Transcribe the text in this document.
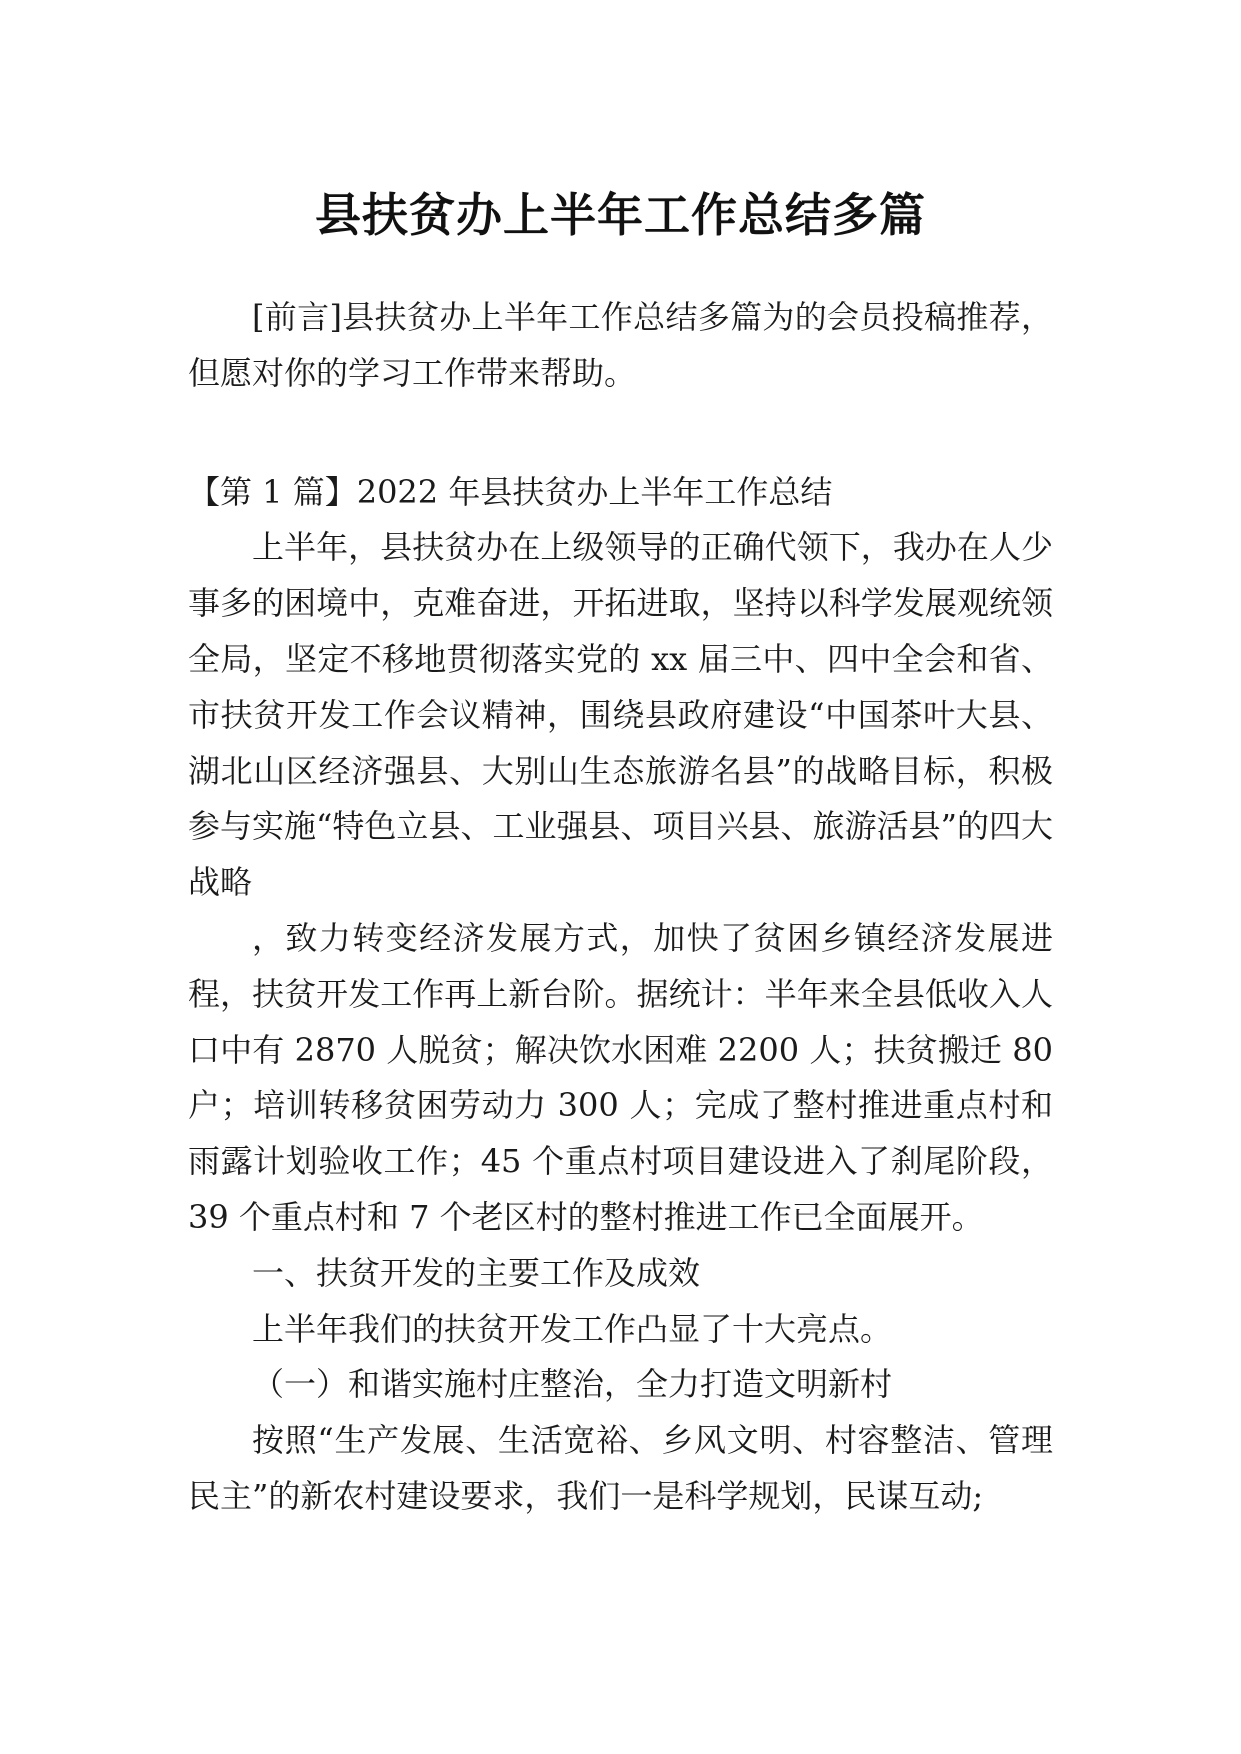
县扶贫办上半年工作总结多篇

[前言]县扶贫办上半年工作总结多篇为的会员投稿推荐，但愿对你的学习工作带来帮助。

【第 1 篇】2022 年县扶贫办上半年工作总结

上半年，县扶贫办在上级领导的正确代领下，我办在人少事多的困境中，克难奋进，开拓进取，坚持以科学发展观统领全局，坚定不移地贯彻落实党的 xx 届三中、四中全会和省、市扶贫开发工作会议精神，围绕县政府建设“中国茶叶大县、湖北山区经济强县、大别山生态旅游名县”的战略目标，积极参与实施“特色立县、工业强县、项目兴县、旅游活县”的四大战略

，致力转变经济发展方式，加快了贫困乡镇经济发展进程，扶贫开发工作再上新台阶。据统计：半年来全县低收入人口中有 2870 人脱贫；解决饮水困难 2200 人；扶贫搬迁 80 户；培训转移贫困劳动力 300 人；完成了整村推进重点村和雨露计划验收工作；45 个重点村项目建设进入了刹尾阶段，39 个重点村和 7 个老区村的整村推进工作已全面展开。

一、扶贫开发的主要工作及成效

上半年我们的扶贫开发工作凸显了十大亮点。

（一）和谐实施村庄整治，全力打造文明新村

按照“生产发展、生活宽裕、乡风文明、村容整洁、管理民主”的新农村建设要求，我们一是科学规划，民谋互动;
